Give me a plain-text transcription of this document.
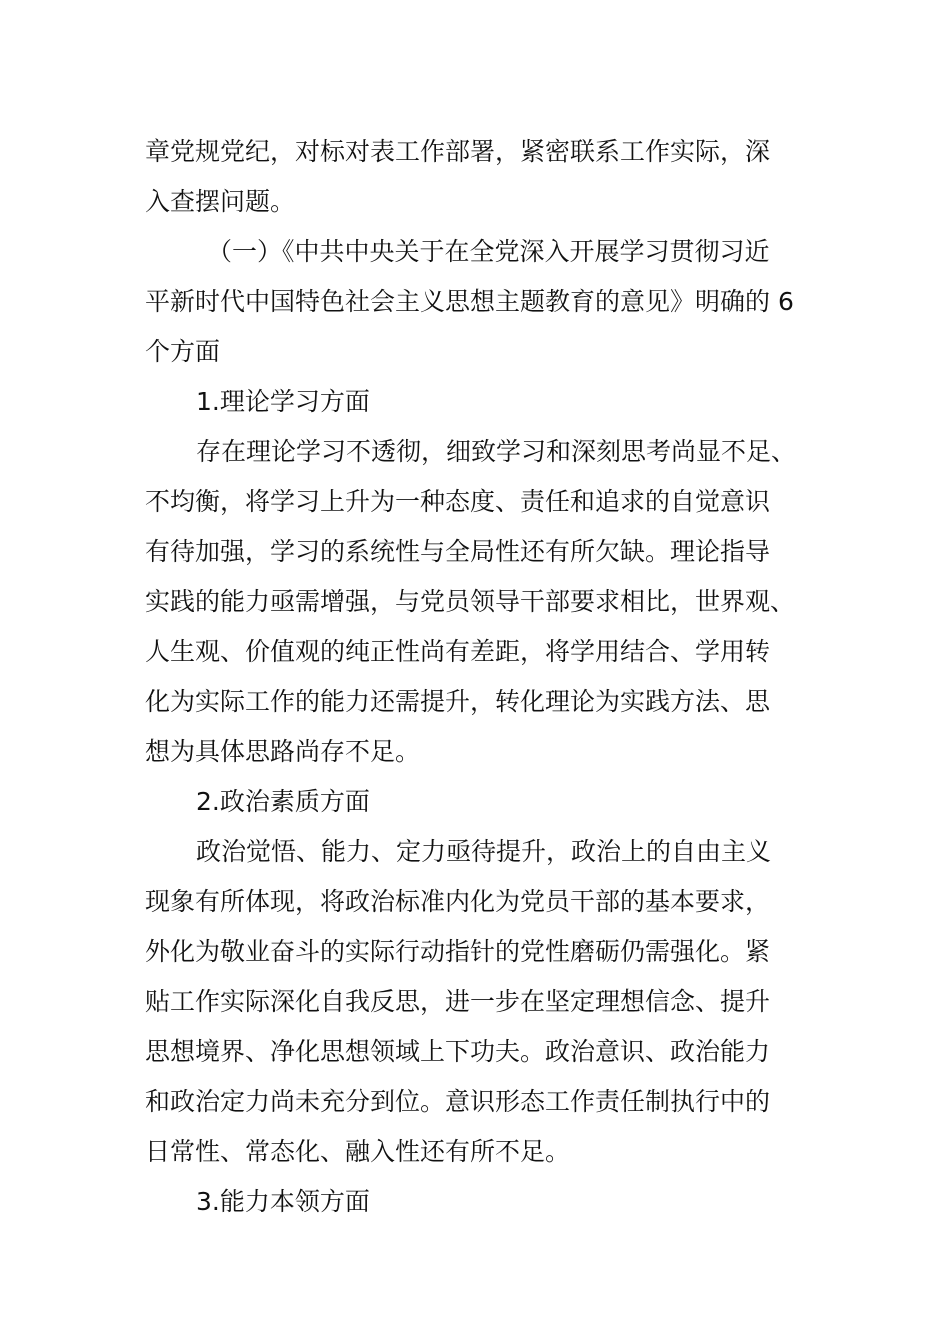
章党规党纪，对标对表工作部署，紧密联系工作实际，深
入查摆问题。
（一）《中共中央关于在全党深入开展学习贯彻习近
平新时代中国特色社会主义思想主题教育的意见》明确的 6
个方面
1.理论学习方面
存在理论学习不透彻，细致学习和深刻思考尚显不足、
不均衡，将学习上升为一种态度、责任和追求的自觉意识
有待加强，学习的系统性与全局性还有所欠缺。理论指导
实践的能力亟需增强，与党员领导干部要求相比，世界观、
人生观、价值观的纯正性尚有差距，将学用结合、学用转
化为实际工作的能力还需提升，转化理论为实践方法、思
想为具体思路尚存不足。
2.政治素质方面
政治觉悟、能力、定力亟待提升，政治上的自由主义
现象有所体现，将政治标准内化为党员干部的基本要求，
外化为敬业奋斗的实际行动指针的党性磨砺仍需强化。紧
贴工作实际深化自我反思，进一步在坚定理想信念、提升
思想境界、净化思想领域上下功夫。政治意识、政治能力
和政治定力尚未充分到位。意识形态工作责任制执行中的
日常性、常态化、融入性还有所不足。
3.能力本领方面
